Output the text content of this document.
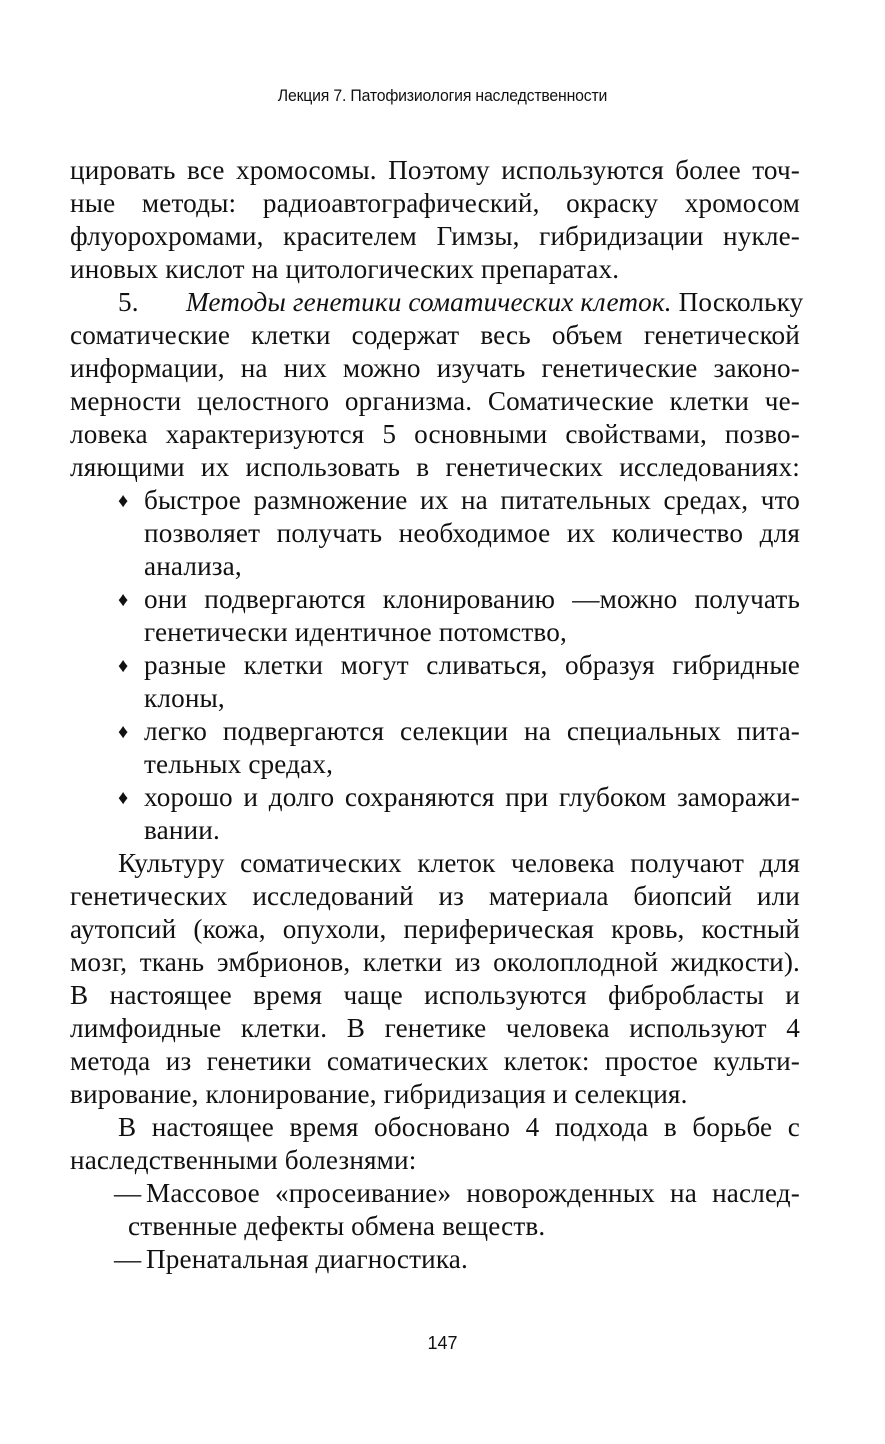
Лекция 7. Патофизиология наследственности
цировать все хромосомы. Поэтому используются более точ-
ные методы: радиоавтографический, окраску хромосом
флуорохромами, красителем Гимзы, гибридизации нукле-
иновых кислот на цитологических препаратах.
5. Методы генетики соматических клеток. Поскольку
соматические клетки содержат весь объем генетической
информации, на них можно изучать генетические законо-
мерности целостного организма. Соматические клетки че-
ловека характеризуются 5 основными свойствами, позво-
ляющими их использовать в генетических исследованиях:
♦ быстрое размножение их на питательных средах, что
позволяет получать необходимое их количество для
анализа,
♦ они подвергаются клонированию —можно получать
генетически идентичное потомство,
♦ разные клетки могут сливаться, образуя гибридные
клоны,
♦ легко подвергаются селекции на специальных пита-
тельных средах,
♦ хорошо и долго сохраняются при глубоком заморажи-
вании.
Культуру соматических клеток человека получают для
генетических исследований из материала биопсий или
аутопсий (кожа, опухоли, периферическая кровь, костный
мозг, ткань эмбрионов, клетки из околоплодной жидкости).
В настоящее время чаще используются фибробласты и
лимфоидные клетки. В генетике человека используют 4
метода из генетики соматических клеток: простое культи-
вирование, клонирование, гибридизация и селекция.
В настоящее время обосновано 4 подхода в борьбе с
наследственными болезнями:
— Массовое «просеивание» новорожденных на наслед-
ственные дефекты обмена веществ.
— Пренатальная диагностика.
147
